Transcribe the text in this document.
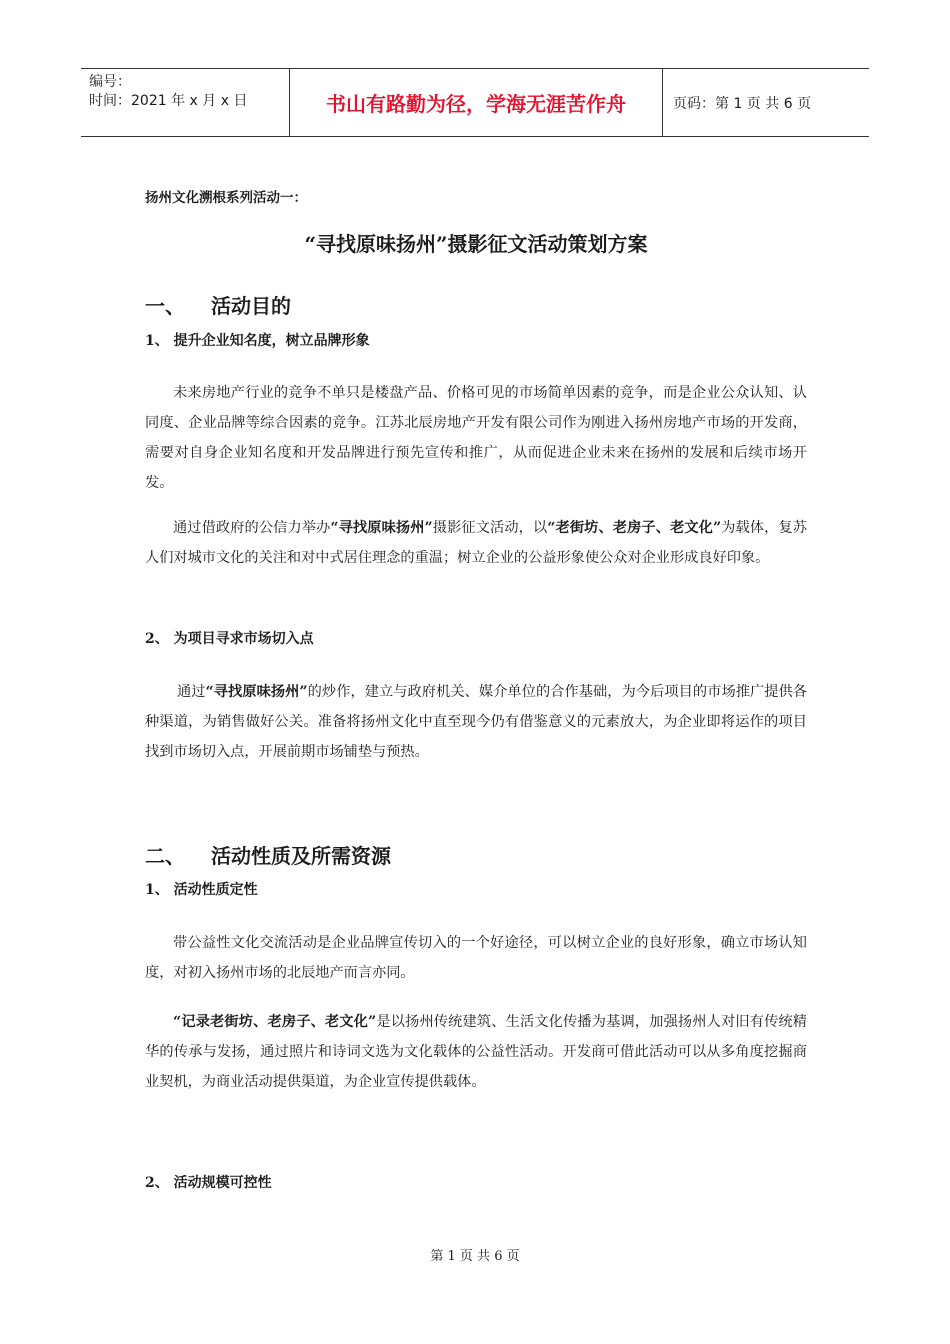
编号：
时间：2021 年 x 月 x 日	书山有路勤为径，学海无涯苦作舟	页码：第 1 页 共 6 页
扬州文化溯根系列活动一：
“寻找原味扬州”摄影征文活动策划方案
一、	活动目的
1、 提升企业知名度，树立品牌形象
未来房地产行业的竞争不单只是楼盘产品、价格可见的市场简单因素的竞争，而是企业公众认知、认同度、企业品牌等综合因素的竞争。江苏北辰房地产开发有限公司作为刚进入扬州房地产市场的开发商，需要对自身企业知名度和开发品牌进行预先宣传和推广，从而促进企业未来在扬州的发展和后续市场开发。
通过借政府的公信力举办“寻找原味扬州”摄影征文活动，以“老街坊、老房子、老文化”为载体，复苏人们对城市文化的关注和对中式居住理念的重温；树立企业的公益形象使公众对企业形成良好印象。
2、 为项目寻求市场切入点
通过“寻找原味扬州”的炒作，建立与政府机关、媒介单位的合作基础，为今后项目的市场推广提供各种渠道，为销售做好公关。准备将扬州文化中直至现今仍有借鉴意义的元素放大，为企业即将运作的项目找到市场切入点，开展前期市场铺垫与预热。
二、	活动性质及所需资源
1、 活动性质定性
带公益性文化交流活动是企业品牌宣传切入的一个好途径，可以树立企业的良好形象，确立市场认知度，对初入扬州市场的北辰地产而言亦同。
“记录老街坊、老房子、老文化”是以扬州传统建筑、生活文化传播为基调，加强扬州人对旧有传统精华的传承与发扬，通过照片和诗词文选为文化载体的公益性活动。开发商可借此活动可以从多角度挖掘商业契机，为商业活动提供渠道，为企业宣传提供载体。
2、 活动规模可控性
第 1 页 共 6 页
